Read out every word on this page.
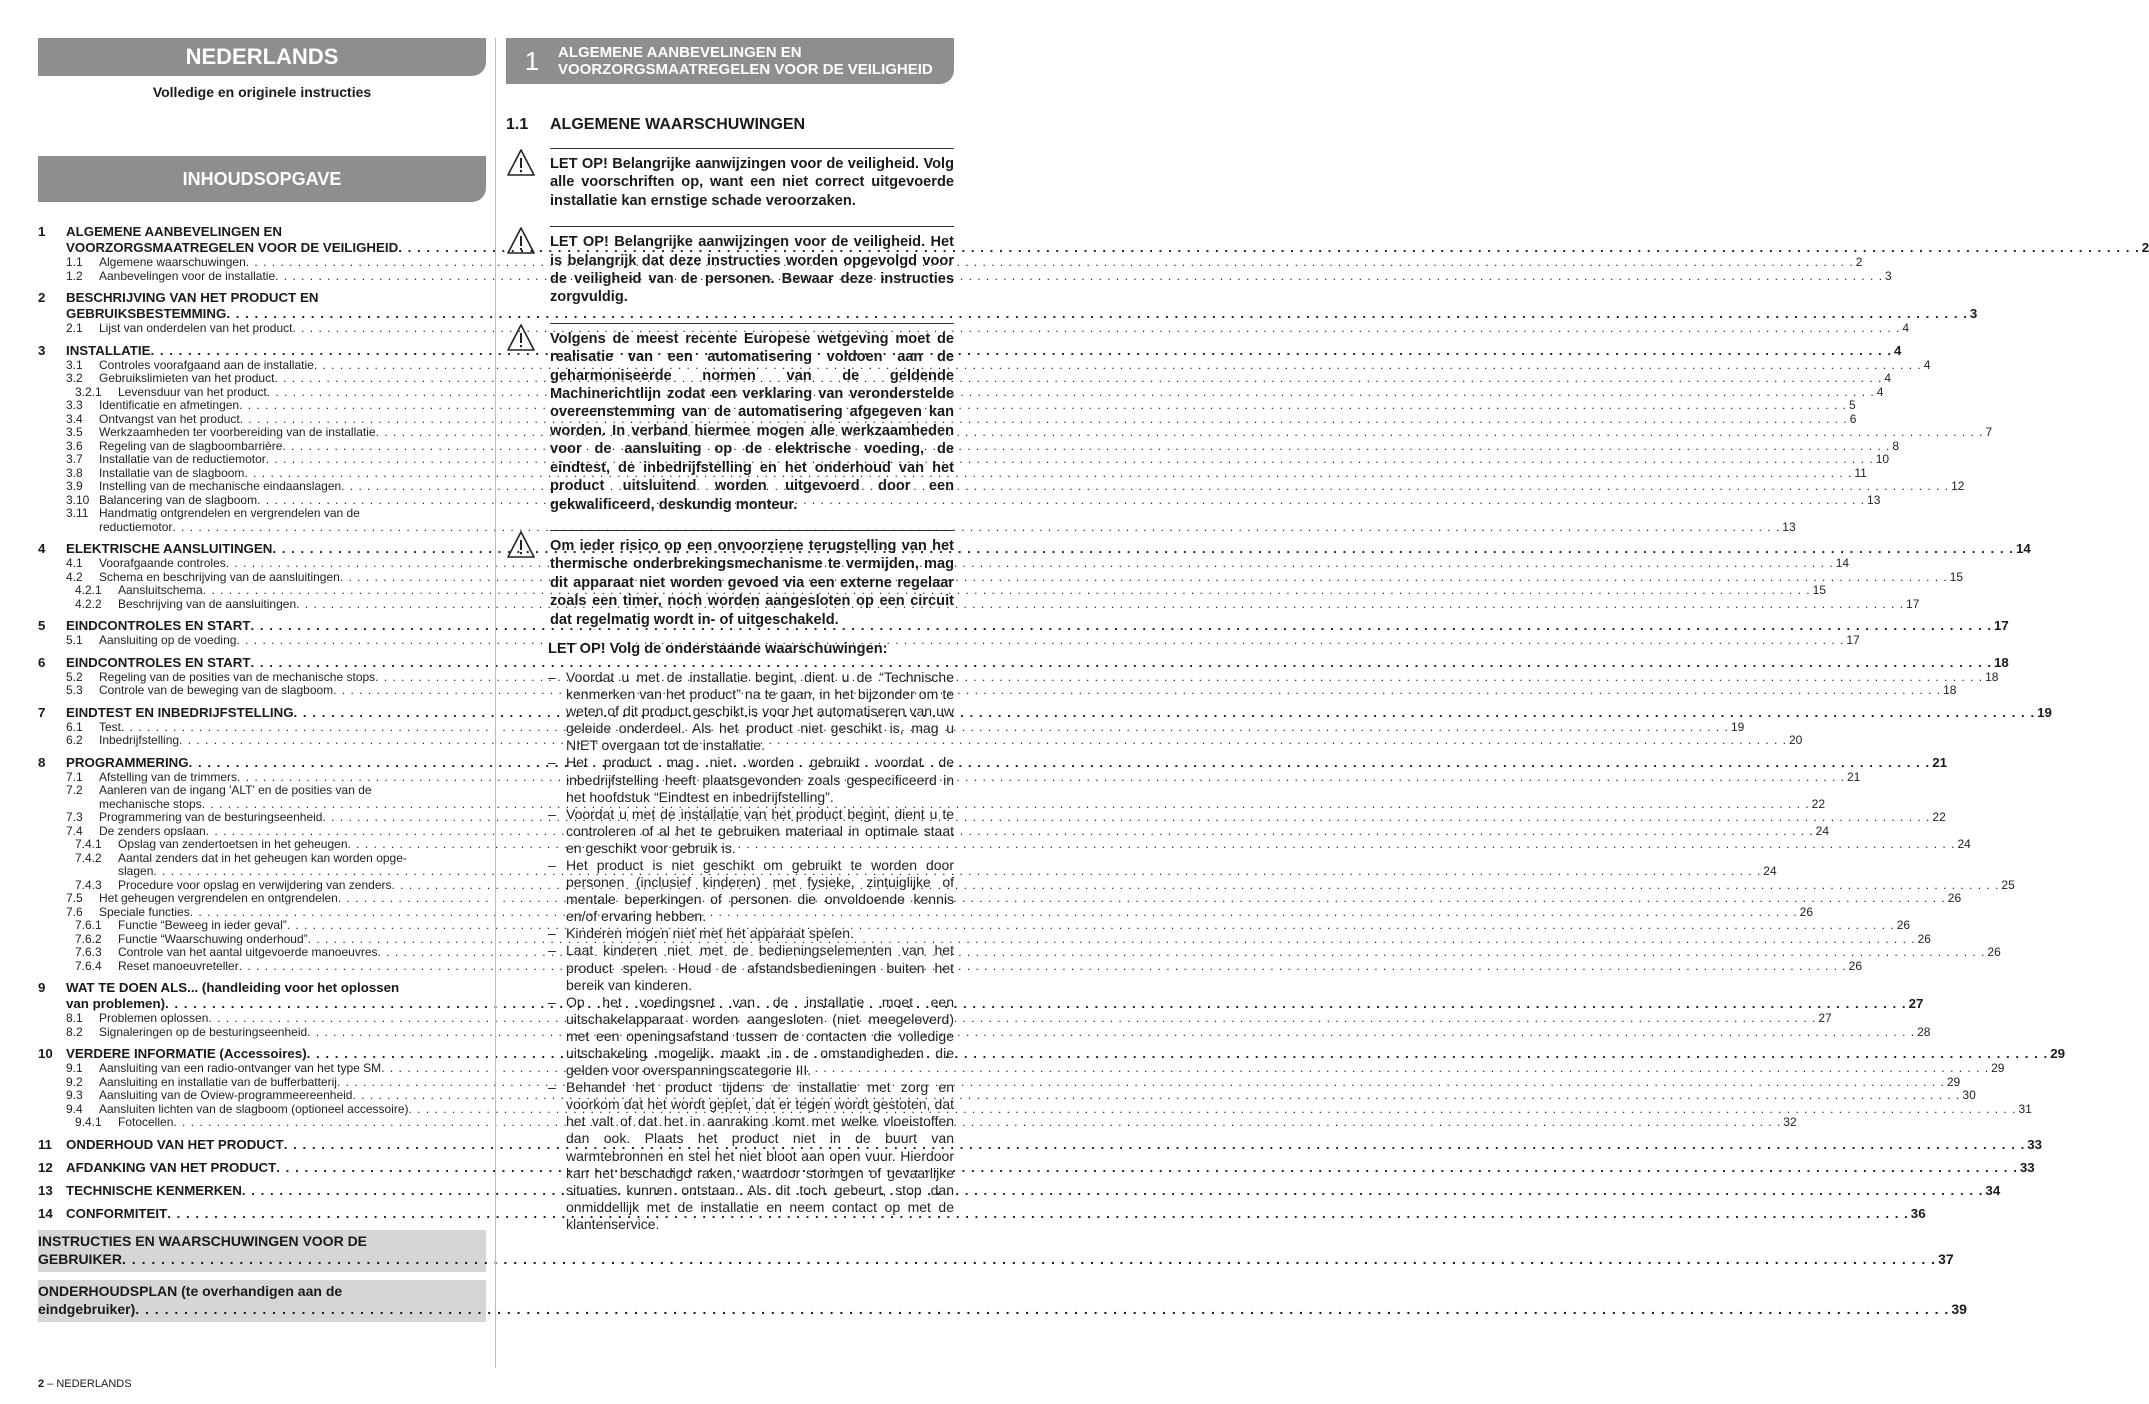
NEDERLANDS
Volledige en originele instructies
INHOUDSOPGAVE
1	ALGEMENE AANBEVELINGEN EN
VOORZORGSMAATREGELEN VOOR DE VEILIGHEID . . .	2
1.1	Algemene waarschuwingen . . .	2
1.2	Aanbevelingen voor de installatie . . .	3
2	BESCHRIJVING VAN HET PRODUCT EN
GEBRUIKSBESTEMMING . . .	3
2.1	Lijst van onderdelen van het product . . .	4
3	INSTALLATIE . . .	4
3.1	Controles voorafgaand aan de installatie . . .	4
3.2	Gebruikslimieten van het product . . .	4
3.2.1	Levensduur van het product . . .	4
3.3	Identificatie en afmetingen . . .	5
3.4	Ontvangst van het product . . .	6
3.5	Werkzaamheden ter voorbereiding van de installatie . . .	7
3.6	Regeling van de slagboombarrière . . .	8
3.7	Installatie van de reductiemotor . . .	10
3.8	Installatie van de slagboom . . .	11
3.9	Instelling van de mechanische eindaanslagen . . .	12
3.10 Balancering van de slagboom . . .	13
3.11 Handmatig ontgrendelen en vergrendelen van de
reductiemotor . . .	13
4	ELEKTRISCHE AANSLUITINGEN . . .	14
4.1	Voorafgaande controles . . .	14
4.2	Schema en beschrijving van de aansluitingen . . .	15
4.2.1	Aansluitschema . . .	15
4.2.2	Beschrijving van de aansluitingen . . .	17
5	EINDCONTROLES EN START . . .	17
5.1	Aansluiting op de voeding . . .	17
6	EINDCONTROLES EN START . . .	18
5.2	Regeling van de posities van de mechanische stops . . .	18
5.3	Controle van de beweging van de slagboom . . .	18
7	EINDTEST EN INBEDRIJFSTELLING . . .	19
6.1	Test . . .	19
6.2	Inbedrijfstelling . . .	20
8	PROGRAMMERING . . .	21
7.1	Afstelling van de trimmers . . .	21
7.2	Aanleren van de ingang 'ALT' en de posities van de
mechanische stops . . .	22
7.3	Programmering van de besturingseenheid . . .	22
7.4	De zenders opslaan . . .	24
7.4.1	Opslag van zendertoetsen in het geheugen . . .	24
7.4.2	Aantal zenders dat in het geheugen kan worden opge-
slagen . . .	24
7.4.3	Procedure voor opslag en verwijdering van zenders . . .	25
7.5	Het geheugen vergrendelen en ontgrendelen . . .	26
7.6	Speciale functies . . .	26
7.6.1	Functie “Beweeg in ieder geval” . . .	26
7.6.2	Functie “Waarschuwing onderhoud” . . .	26
7.6.3	Controle van het aantal uitgevoerde manoeuvres . . .	26
7.6.4	Reset manoeuvreteller . . .	26
9	WAT TE DOEN ALS... (handleiding voor het oplossen
van problemen) . . .	27
8.1	Problemen oplossen . . .	27
8.2	Signaleringen op de besturingseenheid . . .	28
10 VERDERE INFORMATIE (Accessoires) . . .	29
9.1	Aansluiting van een radio-ontvanger van het type SM . . .	29
9.2	Aansluiting en installatie van de bufferbatterij . . .	29
9.3	Aansluiting van de Oview-programmeereenheid . . .	30
9.4	Aansluiten lichten van de slagboom (optioneel accessoire) . . .	31
9.4.1	Fotocellen . . .	32
11	ONDERHOUD VAN HET PRODUCT . . .	33
12 AFDANKING VAN HET PRODUCT . . .	33
13 TECHNISCHE KENMERKEN . . .	34
14 CONFORMITEIT . . .	36
INSTRUCTIES EN WAARSCHUWINGEN VOOR DE
GEBRUIKER . . .	37
ONDERHOUDSPLAN (te overhandigen aan de
eindgebruiker) . . .	39
1	ALGEMENE AANBEVELINGEN EN
VOORZORGSMAATREGELEN VOOR DE VEILIGHEID
1.1	ALGEMENE WAARSCHUWINGEN
LET OP! Belangrijke aanwijzingen voor de veiligheid. Volg alle voorschriften op, want een niet correct uitgevoerde installatie kan ernstige schade veroorzaken.
LET OP! Belangrijke aanwijzingen voor de veiligheid. Het is belangrijk dat deze instructies worden opgevolgd voor de veiligheid van de personen. Bewaar deze instructies zorgvuldig.
Volgens de meest recente Europese wetgeving moet de realisatie van een automatisering voldoen aan de geharmoniseerde normen van de geldende Machinerichtlijn zodat een verklaring van veronderstelde overeenstemming van de automatisering afgegeven kan worden. In verband hiermee mogen alle werkzaamheden voor de aansluiting op de elektrische voeding, de eindtest, de inbedrijfstelling en het onderhoud van het product uitsluitend worden uitgevoerd door een gekwalificeerd, deskundig monteur.
Om ieder risico op een onvoorziene terugstelling van het thermische onderbrekingsmechanisme te vermijden, mag dit apparaat niet worden gevoed via een externe regelaar zoals een timer, noch worden aangesloten op een circuit dat regelmatig wordt in- of uitgeschakeld.
LET OP! Volg de onderstaande waarschuwingen:
– Voordat u met de installatie begint, dient u de “Technische kenmerken van het product” na te gaan, in het bijzonder om te weten of dit product geschikt is voor het automatiseren van uw geleide onderdeel. Als het product niet geschikt is, mag u NIET overgaan tot de installatie.
– Het product mag niet worden gebruikt voordat de inbedrijfstelling heeft plaatsgevonden zoals gespecificeerd in het hoofdstuk “Eindtest en inbedrijfstelling”.
– Voordat u met de installatie van het product begint, dient u te controleren of al het te gebruiken materiaal in optimale staat en geschikt voor gebruik is.
– Het product is niet geschikt om gebruikt te worden door personen (inclusief kinderen) met fysieke, zintuiglijke of mentale beperkingen of personen die onvoldoende kennis en/of ervaring hebben.
– Kinderen mogen niet met het apparaat spelen.
– Laat kinderen niet met de bedieningselementen van het product spelen. Houd de afstandsbedieningen buiten het bereik van kinderen.
– Op het voedingsnet van de installatie moet een uitschakelapparaat worden aangesloten (niet meegeleverd) met een openingsafstand tussen de contacten die volledige uitschakeling mogelijk maakt in de omstandigheden die gelden voor overspanningscategorie III.
– Behandel het product tijdens de installatie met zorg en voorkom dat het wordt geplet, dat er tegen wordt gestoten, dat het valt of dat het in aanraking komt met welke vloeistoffen dan ook. Plaats het product niet in de buurt van warmtebronnen en stel het niet bloot aan open vuur. Hierdoor kan het beschadigd raken, waardoor storingen of gevaarlijke situaties kunnen ontstaan. Als dit toch gebeurt, stop dan onmiddellijk met de installatie en neem contact op met de klantenservice.
2 – NEDERLANDS
